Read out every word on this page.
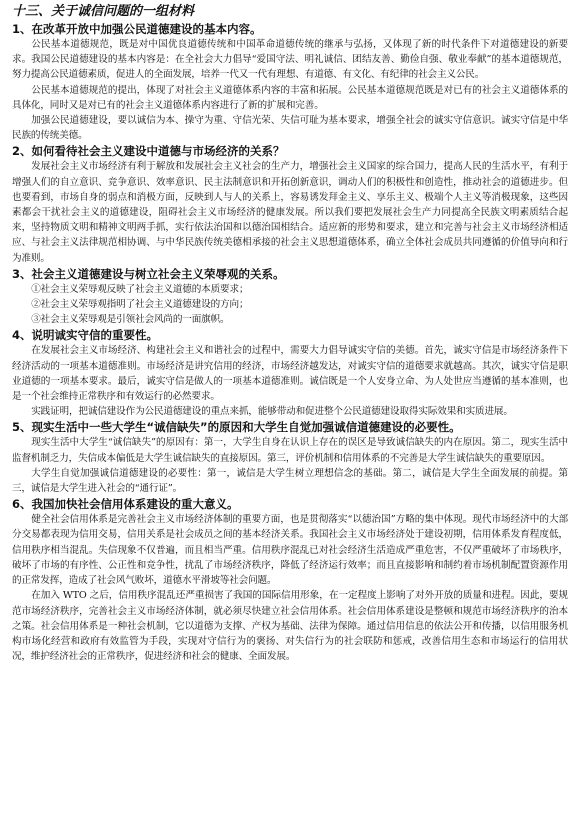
十三、关于诚信问题的一组材料
1、在改革开放中加强公民道德建设的基本内容。

公民基本道德规范，既是对中国优良道德传统和中国革命道德传统的继承与弘扬，又体现了新的时代条件下对道德建设的新要求。我国公民道德建设的基本内容是：在全社会大力倡导“爱国守法、明礼诚信、团结友善、勤俭自强、敬业奉献”的基本道德规范，努力提高公民道德素质，促进人的全面发展，培养一代又一代有理想、有道德、有文化、有纪律的社会主义公民。

公民基本道德规范的提出，体现了对社会主义道德体系内容的丰富和拓展。公民基本道德规范既是对已有的社会主义道德体系的具体化，同时又是对已有的社会主义道德体系内容进行了新的扩展和完善。

加强公民道德建设，要以诚信为本、操守为重、守信光荣、失信可耻为基本要求，增强全社会的诚实守信意识。诚实守信是中华民族的传统美德。

2、如何看待社会主义建设中道德与市场经济的关系？

发展社会主义市场经济有利于解放和发展社会主义社会的生产力，增强社会主义国家的综合国力，提高人民的生活水平，有利于增强人们的自立意识、竞争意识、效率意识、民主法制意识和开拓创新意识，调动人们的积极性和创造性，推动社会的道德进步。但也要看到，市场自身的弱点和消极方面，反映到人与人的关系上，容易诱发拜金主义、享乐主义、极端个人主义等消极现象，这些因素都会干扰社会主义的道德建设，阻碍社会主义市场经济的健康发展。所以我们要把发展社会生产力同提高全民族文明素质结合起来，坚持物质文明和精神文明两手抓，实行依法治国和以德治国相结合。适应新的形势和要求，建立和完善与社会主义市场经济相适应、与社会主义法律规范相协调、与中华民族传统美德相承接的社会主义思想道德体系，确立全体社会成员共同遵循的价值导向和行为准则。

3、社会主义道德建设与树立社会主义荣辱观的关系。

①社会主义荣辱观反映了社会主义道德的本质要求；

②社会主义荣辱观指明了社会主义道德建设的方向；

③社会主义荣辱观是引领社会风尚的一面旗帜。

4、说明诚实守信的重要性。

在发展社会主义市场经济、构建社会主义和谐社会的过程中，需要大力倡导诚实守信的美德。首先，诚实守信是市场经济条件下经济活动的一项基本道德准则。市场经济是讲究信用的经济，市场经济越发达，对诚实守信的道德要求就越高。其次，诚实守信是职业道德的一项基本要求。最后，诚实守信是做人的一项基本道德准则。诚信既是一个人安身立命、为人处世应当遵循的基本准则，也是一个社会维持正常秩序和有效运行的必然要求。

实践证明，把诚信建设作为公民道德建设的重点来抓，能够带动和促进整个公民道德建设取得实际效果和实质进展。

5、现实生活中一些大学生“诚信缺失”的原因和大学生自觉加强诚信道德建设的必要性。

现实生活中大学生“诚信缺失”的原因有：第一，大学生自身在认识上存在的误区是导致诚信缺失的内在原因。第二，现实生活中监督机制乏力，失信成本偏低是大学生诚信缺失的直接原因。第三，评价机制和信用体系的不完善是大学生诚信缺失的重要原因。

大学生自觉加强诚信道德建设的必要性：第一，诚信是大学生树立理想信念的基础。第二，诚信是大学生全面发展的前提。第三，诚信是大学生进入社会的“通行证”。

6、我国加快社会信用体系建设的重大意义。

健全社会信用体系是完善社会主义市场经济体制的重要方面，也是贯彻落实“以德治国”方略的集中体现。现代市场经济中的大部分交易都表现为信用交易，信用关系是社会成员之间的基本经济关系。我国社会主义市场经济处于建设初期，信用体系发育程度低，信用秩序相当混乱。失信现象不仅普遍，而且相当严重。信用秩序混乱已对社会经济生活造成严重危害，不仅严重破坏了市场秩序，破坏了市场的有序性、公正性和竞争性，扰乱了市场经济秩序，降低了经济运行效率；而且直接影响和制约着市场机制配置资源作用的正常发挥，造成了社会风气败坏，道德水平滑坡等社会问题。

在加入 WTO 之后，信用秩序混乱还严重损害了我国的国际信用形象，在一定程度上影响了对外开放的质量和进程。因此，要规范市场经济秩序，完善社会主义市场经济体制，就必须尽快建立社会信用体系。社会信用体系建设是整顿和规范市场经济秩序的治本之策。社会信用体系是一种社会机制，它以道德为支撑、产权为基础、法律为保障。通过信用信息的依法公开和传播，以信用服务机构市场化经营和政府有效监管为手段，实现对守信行为的褒扬、对失信行为的社会联防和惩戒，改善信用生态和市场运行的信用状况，维护经济社会的正常秩序，促进经济和社会的健康、全面发展。
